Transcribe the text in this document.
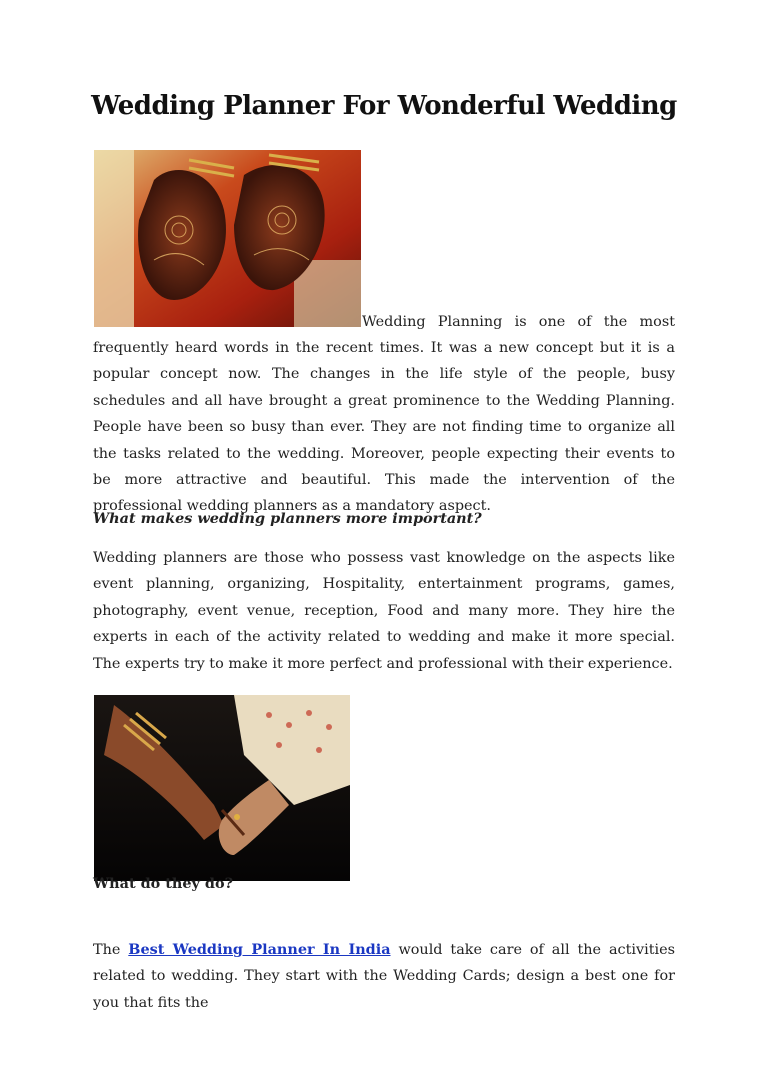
Wedding Planner For Wonderful Wedding

Wedding Planning is one of the most

frequently heard words in the recent times. It was a new concept but it is a popular concept now. The changes in the life style of the people, busy schedules and all have brought a great prominence to the Wedding Planning. People have been so busy than ever. They are not finding time to organize all the tasks related to the wedding. Moreover, people expecting their events to be more attractive and beautiful. This made the intervention of the professional wedding planners as a mandatory aspect.

What makes wedding planners more important?

Wedding planners are those who possess vast knowledge on the aspects like event planning, organizing, Hospitality, entertainment programs, games, photography, event venue, reception, Food and many more. They hire the experts in each of the activity related to wedding and make it more special. The experts try to make it more perfect and professional with their experience.

What do they do?

The Best Wedding Planner In India would take care of all the activities related to wedding. They start with the Wedding Cards; design a best one for you that fits the
